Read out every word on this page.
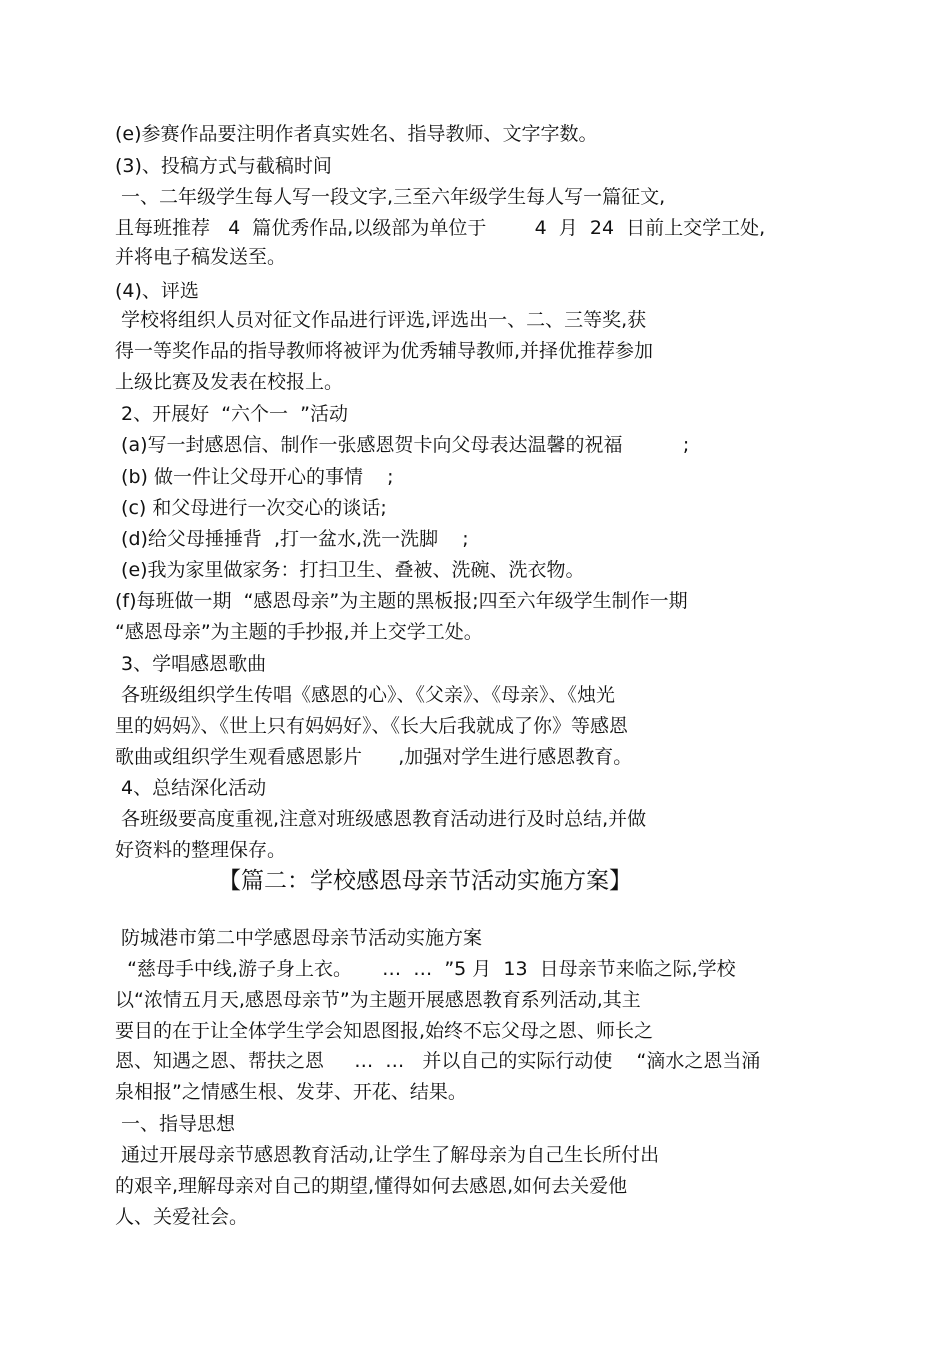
(e)参赛作品要注明作者真实姓名、指导教师、文字字数。
(3)、投稿方式与截稿时间
一、二年级学生每人写一段文字,三至六年级学生每人写一篇征文,
且每班推荐   4  篇优秀作品,以级部为单位于        4  月  24  日前上交学工处,
并将电子稿发送至。
(4)、评选
学校将组织人员对征文作品进行评选,评选出一、二、三等奖,获
得一等奖作品的指导教师将被评为优秀辅导教师,并择优推荐参加
上级比赛及发表在校报上。
2、开展好  “六个一  ”活动
(a)写一封感恩信、制作一张感恩贺卡向父母表达温馨的祝福          ;
(b) 做一件让父母开心的事情    ;
(c) 和父母进行一次交心的谈话;
(d)给父母捶捶背  ,打一盆水,洗一洗脚    ;
(e)我为家里做家务：打扫卫生、叠被、洗碗、洗衣物。
(f)每班做一期  “感恩母亲”为主题的黑板报;四至六年级学生制作一期
“感恩母亲”为主题的手抄报,并上交学工处。
3、学唱感恩歌曲
各班级组织学生传唱《感恩的心》、《父亲》、《母亲》、《烛光
里的妈妈》、《世上只有妈妈好》、《长大后我就成了你》等感恩
歌曲或组织学生观看感恩影片      ,加强对学生进行感恩教育。
4、总结深化活动
各班级要高度重视,注意对班级感恩教育活动进行及时总结,并做
好资料的整理保存。
【篇二：学校感恩母亲节活动实施方案】
防城港市第二中学感恩母亲节活动实施方案
“慈母手中线,游子身上衣。     …  …  ”5 月  13  日母亲节来临之际,学校
以“浓情五月天,感恩母亲节”为主题开展感恩教育系列活动,其主
要目的在于让全体学生学会知恩图报,始终不忘父母之恩、师长之
恩、知遇之恩、帮扶之恩     …  …   并以自己的实际行动使    “滴水之恩当涌
泉相报”之情感生根、发芽、开花、结果。
一、指导思想
通过开展母亲节感恩教育活动,让学生了解母亲为自己生长所付出
的艰辛,理解母亲对自己的期望,懂得如何去感恩,如何去关爱他
人、关爱社会。
